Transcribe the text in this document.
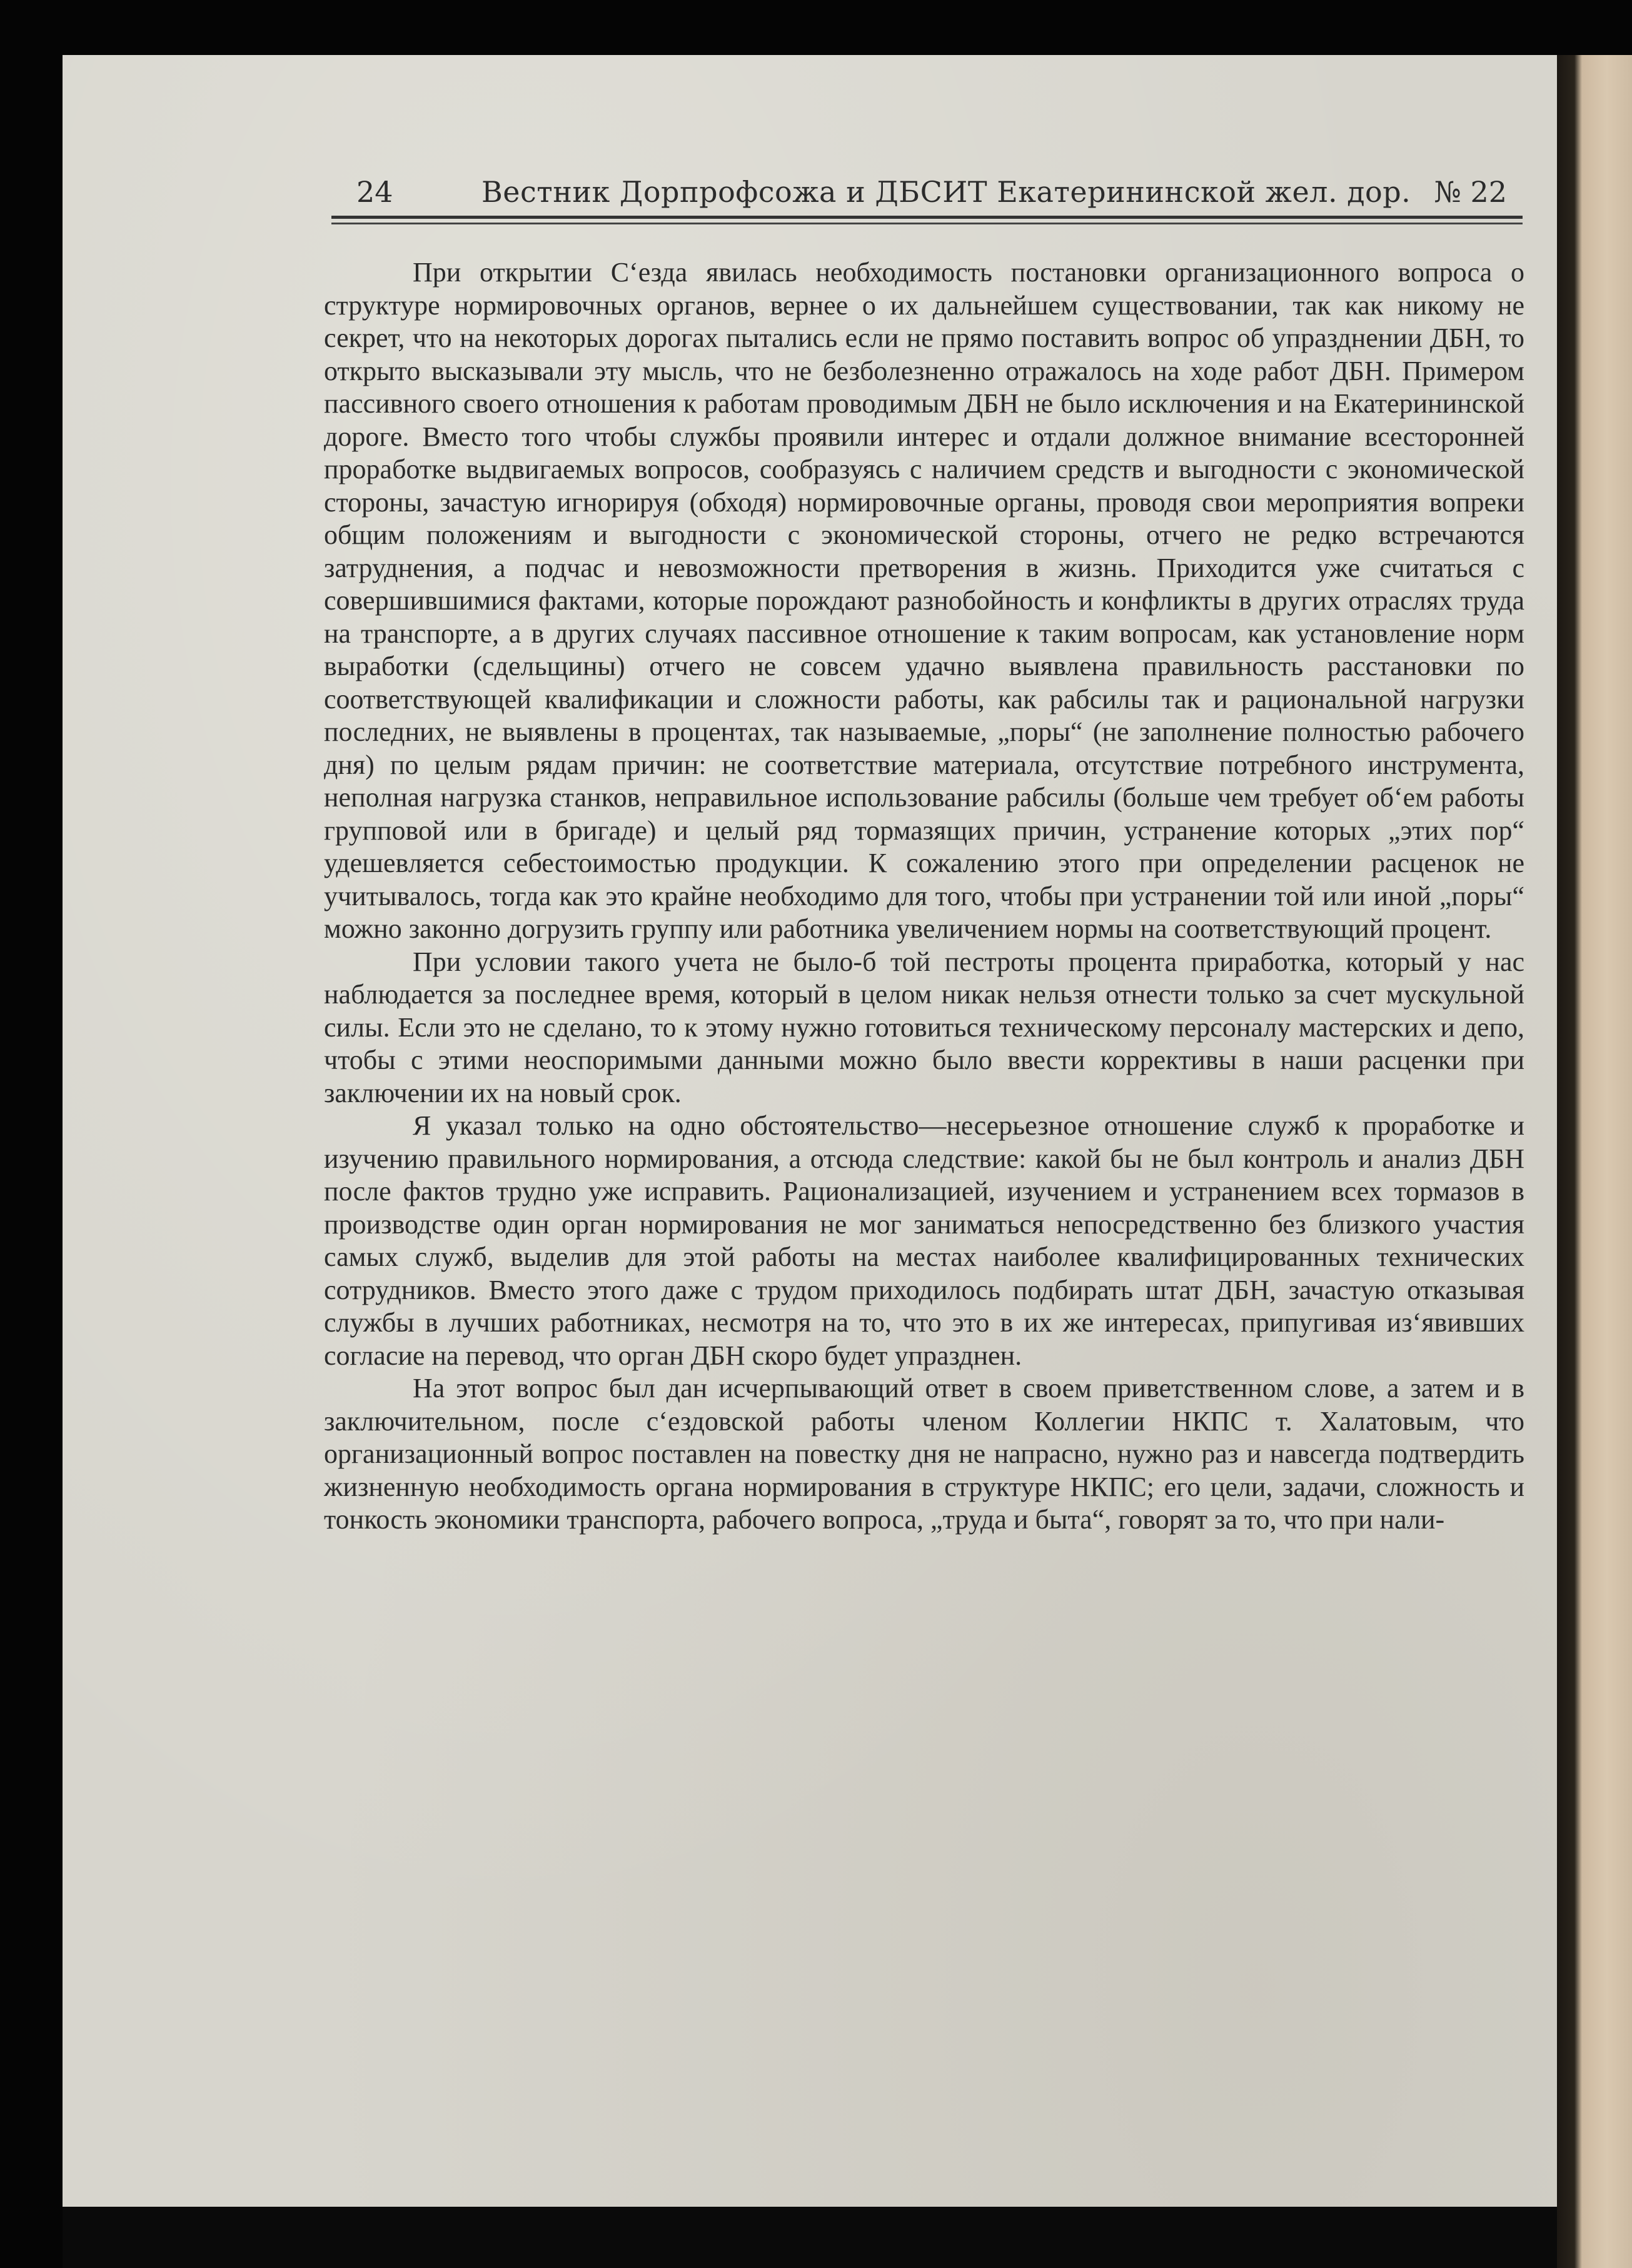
24	Вестник Дорпрофсожа и ДБСИТ Екатерининской жел. дор. № 22

При открытии С‘езда явилась необходимость постановки организационного вопроса о структуре нормировочных органов, вернее о их дальнейшем существовании, так как никому не секрет, что на некоторых дорогах пытались если не прямо поставить вопрос об упразднении ДБН, то открыто высказывали эту мысль, что не безболезненно отражалось на ходе работ ДБН. Примером пассивного своего отношения к работам проводимым ДБН не было исключения и на Екатерининской дороге. Вместо того чтобы службы проявили интерес и отдали должное внимание всесторонней проработке выдвигаемых вопросов, сообразуясь с наличием средств и выгодности с экономической стороны, зачастую игнорируя (обходя) нормировочные органы, проводя свои мероприятия вопреки общим положениям и выгодности с экономической стороны, отчего не редко встречаются затруднения, а подчас и невозможности претворения в жизнь. Приходится уже считаться с совершившимися фактами, которые порождают разнобойность и конфликты в других отраслях труда на транспорте, а в других случаях пассивное отношение к таким вопросам, как установление норм выработки (сдельщины) отчего не совсем удачно выявлена правильность расстановки по соответствующей квалификации и сложности работы, как рабсилы так и рациональной нагрузки последних, не выявлены в процентах, так называемые, „поры“ (не заполнение полностью рабочего дня) по целым рядам причин: не соответствие материала, отсутствие потребного инструмента, неполная нагрузка станков, неправильное использование рабсилы (больше чем требует об‘ем работы групповой или в бригаде) и целый ряд тормазящих причин, устранение которых „этих пор“ удешевляется себестоимостью продукции. К сожалению этого при определении расценок не учитывалось, тогда как это крайне необходимо для того, чтобы при устранении той или иной „поры“ можно законно догрузить группу или работника увеличением нормы на соответствующий процент.

При условии такого учета не было-б той пестроты процента приработка, который у нас наблюдается за последнее время, который в целом никак нельзя отнести только за счет мускульной силы. Если это не сделано, то к этому нужно готовиться техническому персоналу мастерских и депо, чтобы с этими неоспоримыми данными можно было ввести коррективы в наши расценки при заключении их на новый срок.

Я указал только на одно обстоятельство—несерьезное отношение служб к проработке и изучению правильного нормирования, а отсюда следствие: какой бы не был контроль и анализ ДБН после фактов трудно уже исправить. Рационализацией, изучением и устранением всех тормазов в производстве один орган нормирования не мог заниматься непосредственно без близкого участия самых служб, выделив для этой работы на местах наиболее квалифицированных технических сотрудников. Вместо этого даже с трудом приходилось подбирать штат ДБН, зачастую отказывая службы в лучших работниках, несмотря на то, что это в их же интересах, припугивая из‘явивших согласие на перевод, что орган ДБН скоро будет упразднен.

На этот вопрос был дан исчерпывающий ответ в своем приветственном слове, а затем и в заключительном, после с‘ездовской работы членом Коллегии НКПС т. Халатовым, что организационный вопрос поставлен на повестку дня не напрасно, нужно раз и навсегда подтвердить жизненную необходимость органа нормирования в структуре НКПС; его цели, задачи, сложность и тонкость экономики транспорта, рабочего вопроса, „труда и быта“, говорят за то, что при нали-
